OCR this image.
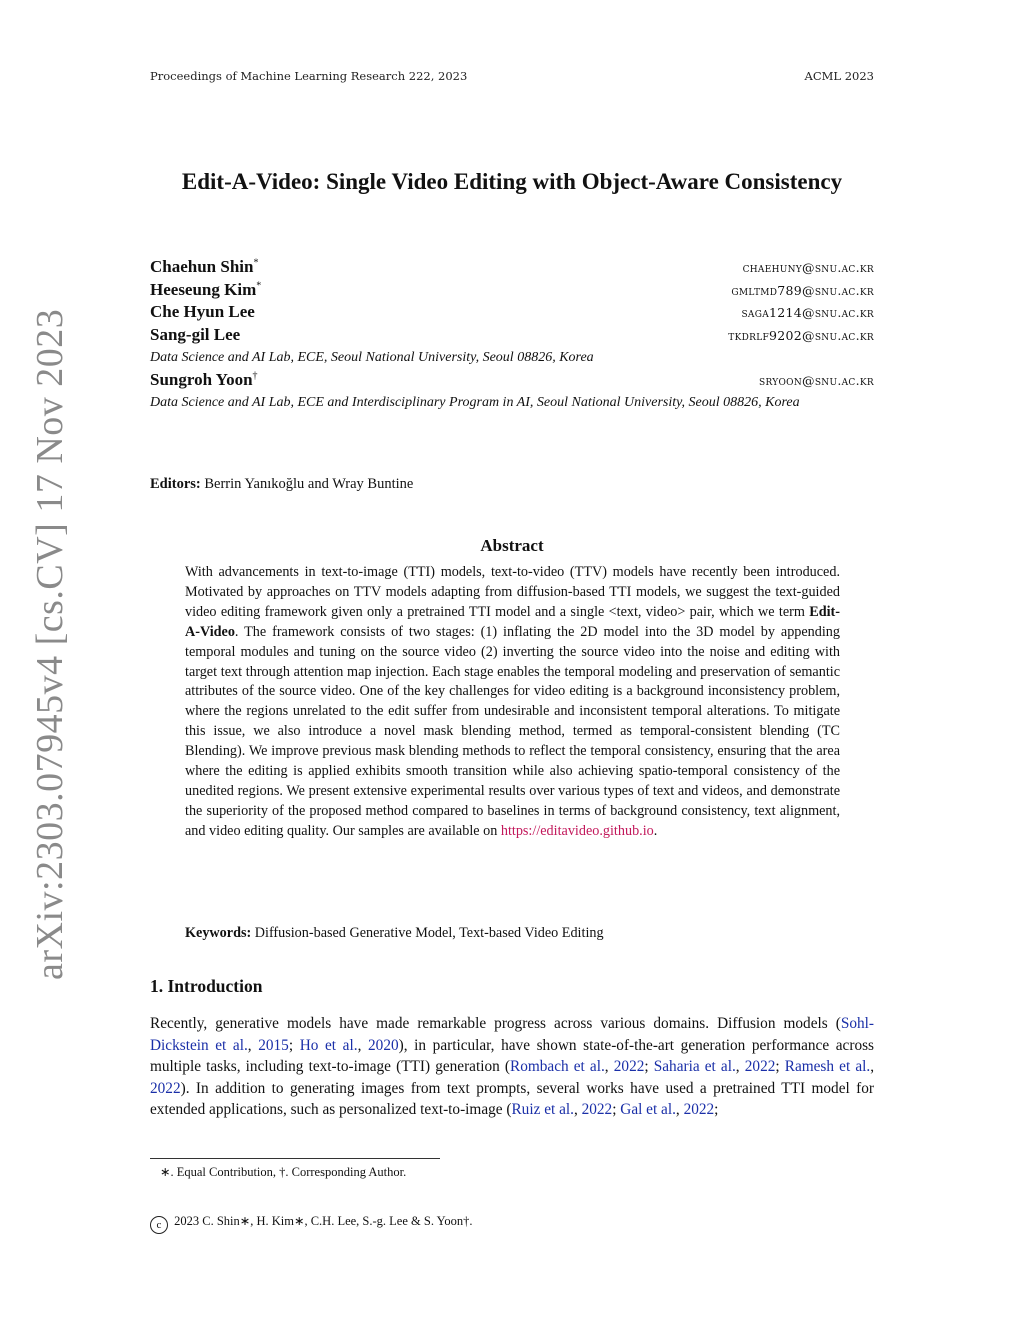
arXiv:2303.07945v4 [cs.CV] 17 Nov 2023
Proceedings of Machine Learning Research 222, 2023	ACML 2023
Edit-A-Video: Single Video Editing with Object-Aware Consistency
Chaehun Shin*	chaehuny@snu.ac.kr
Heeseung Kim*	gmltmd789@snu.ac.kr
Che Hyun Lee	saga1214@snu.ac.kr
Sang-gil Lee	tkdrlf9202@snu.ac.kr
Data Science and AI Lab, ECE, Seoul National University, Seoul 08826, Korea
Sungroh Yoon†	sryoon@snu.ac.kr
Data Science and AI Lab, ECE and Interdisciplinary Program in AI, Seoul National University, Seoul 08826, Korea
Editors: Berrin Yanıkoğlu and Wray Buntine
Abstract
With advancements in text-to-image (TTI) models, text-to-video (TTV) models have recently been introduced. Motivated by approaches on TTV models adapting from diffusion-based TTI models, we suggest the text-guided video editing framework given only a pretrained TTI model and a single <text, video> pair, which we term Edit-A-Video. The framework consists of two stages: (1) inflating the 2D model into the 3D model by appending temporal modules and tuning on the source video (2) inverting the source video into the noise and editing with target text through attention map injection. Each stage enables the temporal modeling and preservation of semantic attributes of the source video. One of the key challenges for video editing is a background inconsistency problem, where the regions unrelated to the edit suffer from undesirable and inconsistent temporal alterations. To mitigate this issue, we also introduce a novel mask blending method, termed as temporal-consistent blending (TC Blending). We improve previous mask blending methods to reflect the temporal consistency, ensuring that the area where the editing is applied exhibits smooth transition while also achieving spatio-temporal consistency of the unedited regions. We present extensive experimental results over various types of text and videos, and demonstrate the superiority of the proposed method compared to baselines in terms of background consistency, text alignment, and video editing quality. Our samples are available on https://editavideo.github.io.
Keywords: Diffusion-based Generative Model, Text-based Video Editing
1. Introduction
Recently, generative models have made remarkable progress across various domains. Diffusion models (Sohl-Dickstein et al., 2015; Ho et al., 2020), in particular, have shown state-of-the-art generation performance across multiple tasks, including text-to-image (TTI) generation (Rombach et al., 2022; Saharia et al., 2022; Ramesh et al., 2022). In addition to generating images from text prompts, several works have used a pretrained TTI model for extended applications, such as personalized text-to-image (Ruiz et al., 2022; Gal et al., 2022;
∗. Equal Contribution, †. Corresponding Author.
c 2023 C. Shin∗, H. Kim∗, C.H. Lee, S.-g. Lee & S. Yoon†.
